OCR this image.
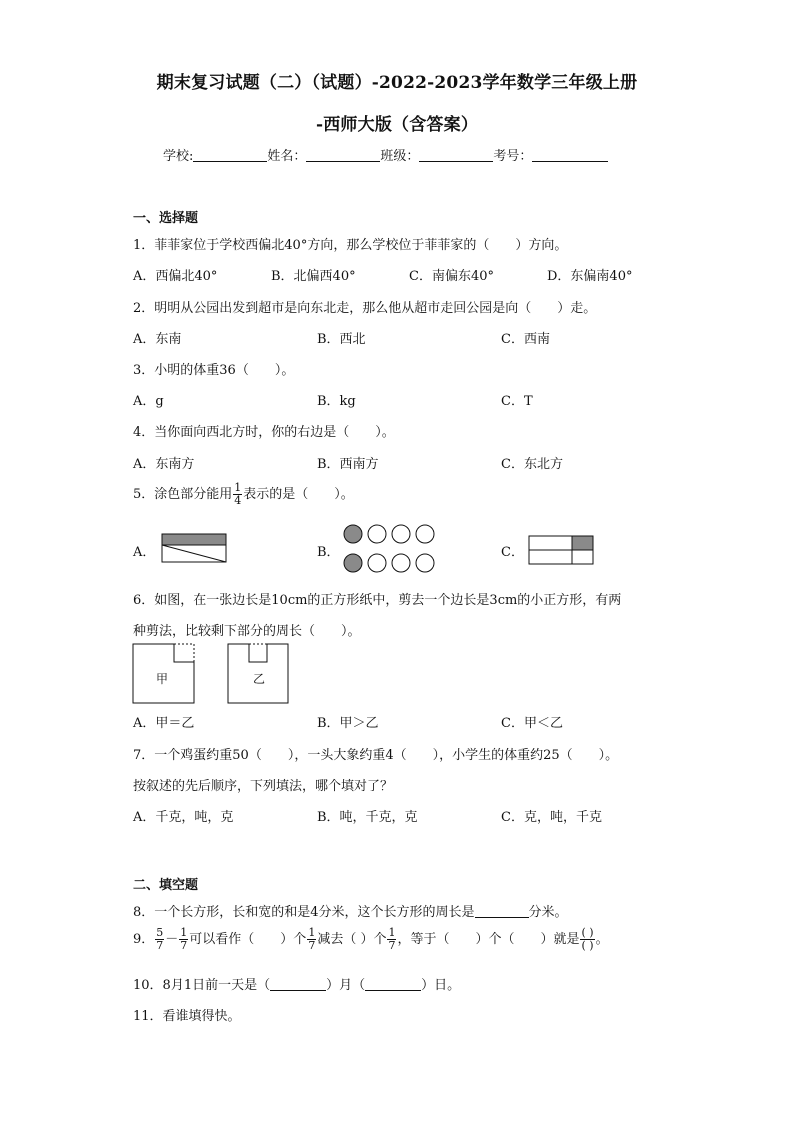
期末复习试题（二）（试题）-2022-2023学年数学三年级上册
-西师大版（含答案）
学校:	姓名：	班级：	考号：
一、选择题
1．菲菲家位于学校西偏北40°方向，那么学校位于菲菲家的（　　）方向。
A．西偏北40°	B．北偏西40°	C．南偏东40°	D．东偏南40°
2．明明从公园出发到超市是向东北走，那么他从超市走回公园是向（　　）走。
A．东南	B．西北	C．西南
3．小明的体重36（　　）。
A．g	B．kg	C．T
4．当你面向西北方时，你的右边是（　　）。
A．东南方	B．西南方	C．东北方
5．涂色部分能用 $\frac{1}{4}$ 表示的是（　　）。
A．	B．	C．
6．如图，在一张边长是10cm的正方形纸中，剪去一个边长是3cm的小正方形，有两
种剪法，比较剩下部分的周长（　　）。
甲	乙
A．甲＝乙	B．甲＞乙	C．甲＜乙
7．一个鸡蛋约重50（　　），一头大象约重4（　　），小学生的体重约25（　　）。
按叙述的先后顺序，下列填法，哪个填对了？
A．千克，吨，克	B．吨，千克，克	C．克，吨，千克
二、填空题
8．一个长方形，长和宽的和是4分米，这个长方形的周长是	分米。
9． $\frac{5}{7} - \frac{1}{7}$ 可以看作（　　）个 $\frac{1}{7}$ 减去（ ）个 $\frac{1}{7}$ ，等于（　　）个（　　）就是 $\frac{( )}{( )}$ 。
10．8月1日前一天是（	）月（	）日。
11．看谁填得快。
